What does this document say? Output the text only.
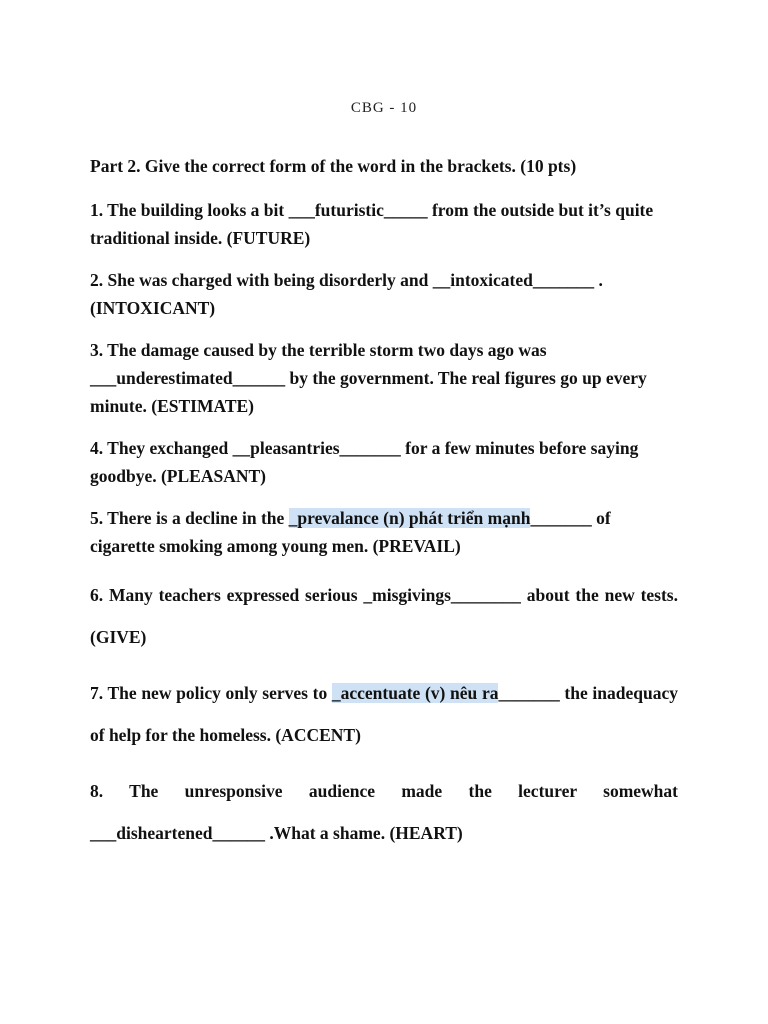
CBG - 10

Part 2. Give the correct form of the word in the brackets. (10 pts)

1. The building looks a bit ___futuristic_____ from the outside but it’s quite traditional inside. (FUTURE)

2. She was charged with being disorderly and __intoxicated_______ . (INTOXICANT)

3. The damage caused by the terrible storm two days ago was ___underestimated______ by the government. The real figures go up every minute. (ESTIMATE)

4. They exchanged __pleasantries_______ for a few minutes before saying goodbye. (PLEASANT)

5. There is a decline in the _prevalance (n) phát triển mạnh_______ of cigarette smoking among young men. (PREVAIL)

6. Many teachers expressed serious _misgivings________ about the new tests. (GIVE)

7. The new policy only serves to _accentuate (v) nêu ra_______ the inadequacy of help for the homeless. (ACCENT)

8. The unresponsive audience made the lecturer somewhat ___disheartened______ .What a shame. (HEART)
